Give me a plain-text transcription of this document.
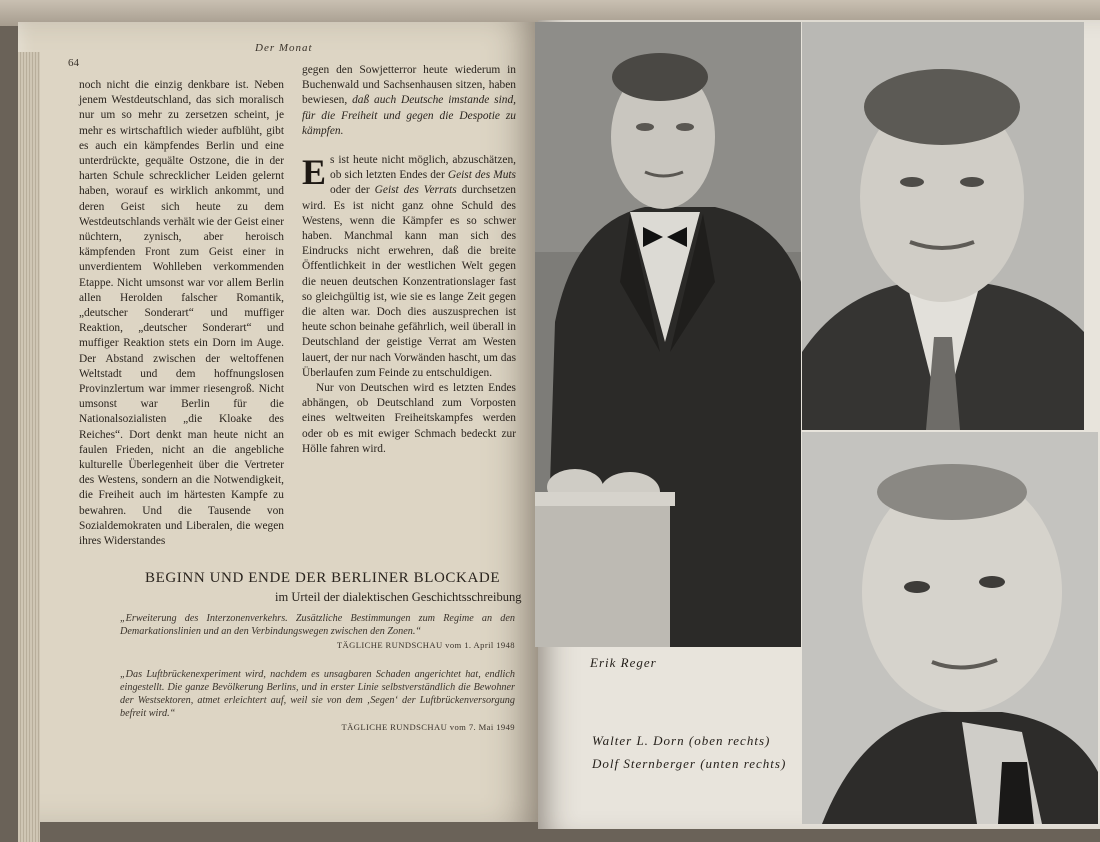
Der Monat
64

noch nicht die einzig denkbare ist. Neben jenem Westdeutschland, das sich moralisch nur um so mehr zu zersetzen scheint, je mehr es wirtschaftlich wieder aufblüht, gibt es auch ein kämpfendes Berlin und eine unterdrückte, gequälte Ostzone, die in der harten Schule schrecklicher Leiden gelernt haben, worauf es wirklich ankommt, und deren Geist sich heute zu dem Westdeutschlands verhält wie der Geist einer nüchtern, zynisch, aber heroisch kämpfenden Front zum Geist einer in unverdientem Wohlleben verkommenden Etappe. Nicht umsonst war vor allem Berlin allen Herolden falscher Romantik, „deutscher Sonderart“ und muffiger Reaktion, „deutscher Sonderart“ und muffiger Reaktion stets ein Dorn im Auge. Der Abstand zwischen der weltoffenen Weltstadt und dem hoffnungslosen Provinzlertum war immer riesengroß. Nicht umsonst war Berlin für die Nationalsozialisten „die Kloake des Reiches“. Dort denkt man heute nicht an faulen Frieden, nicht an die angebliche kulturelle Überlegenheit über die Vertreter des Westens, sondern an die Notwendigkeit, die Freiheit auch im härtesten Kampfe zu bewahren. Und die Tausende von Sozialdemokraten und Liberalen, die wegen ihres Widerstandes

gegen den Sowjetterror heute wiederum in Buchenwald und Sachsenhausen sitzen, haben bewiesen, daß auch Deutsche imstande sind, für die Freiheit und gegen die Despotie zu kämpfen.

Es ist heute nicht möglich, abzuschätzen, ob sich letzten Endes der Geist des Muts oder der Geist des Verrats durchsetzen wird. Es ist nicht ganz ohne Schuld des Westens, wenn die Kämpfer es so schwer haben. Manchmal kann man sich des Eindrucks nicht erwehren, daß die breite Öffentlichkeit in der westlichen Welt gegen die neuen deutschen Konzentrationslager fast so gleichgültig ist, wie sie es lange Zeit gegen die alten war. Doch dies auszusprechen ist heute schon beinahe gefährlich, weil überall in Deutschland der geistige Verrat am Westen lauert, der nur nach Vorwänden hascht, um das Überlaufen zum Feinde zu entschuldigen.

Nur von Deutschen wird es letzten Endes abhängen, ob Deutschland zum Vorposten eines weltweiten Freiheitskampfes werden oder ob es mit ewiger Schmach bedeckt zur Hölle fahren wird.

BEGINN UND ENDE DER BERLINER BLOCKADE
im Urteil der dialektischen Geschichtsschreibung
„Erweiterung des Interzonenverkehrs. Zusätzliche Bestimmungen zum Regime an den Demarkationslinien und an den Verbindungswegen zwischen den Zonen.“
TÄGLICHE RUNDSCHAU vom 1. April 1948
„Das Luftbrückenexperiment wird, nachdem es unsagbaren Schaden angerichtet hat, endlich eingestellt. Die ganze Bevölkerung Berlins, und in erster Linie selbstverständlich die Bewohner der Westsektoren, atmet erleichtert auf, weil sie von dem ‚Segen‘ der Luftbrückenversorgung befreit wird.“
TÄGLICHE RUNDSCHAU vom 7. Mai 1949
Erik Reger
Walter L. Dorn (oben rechts)
Dolf Sternberger (unten rechts)
